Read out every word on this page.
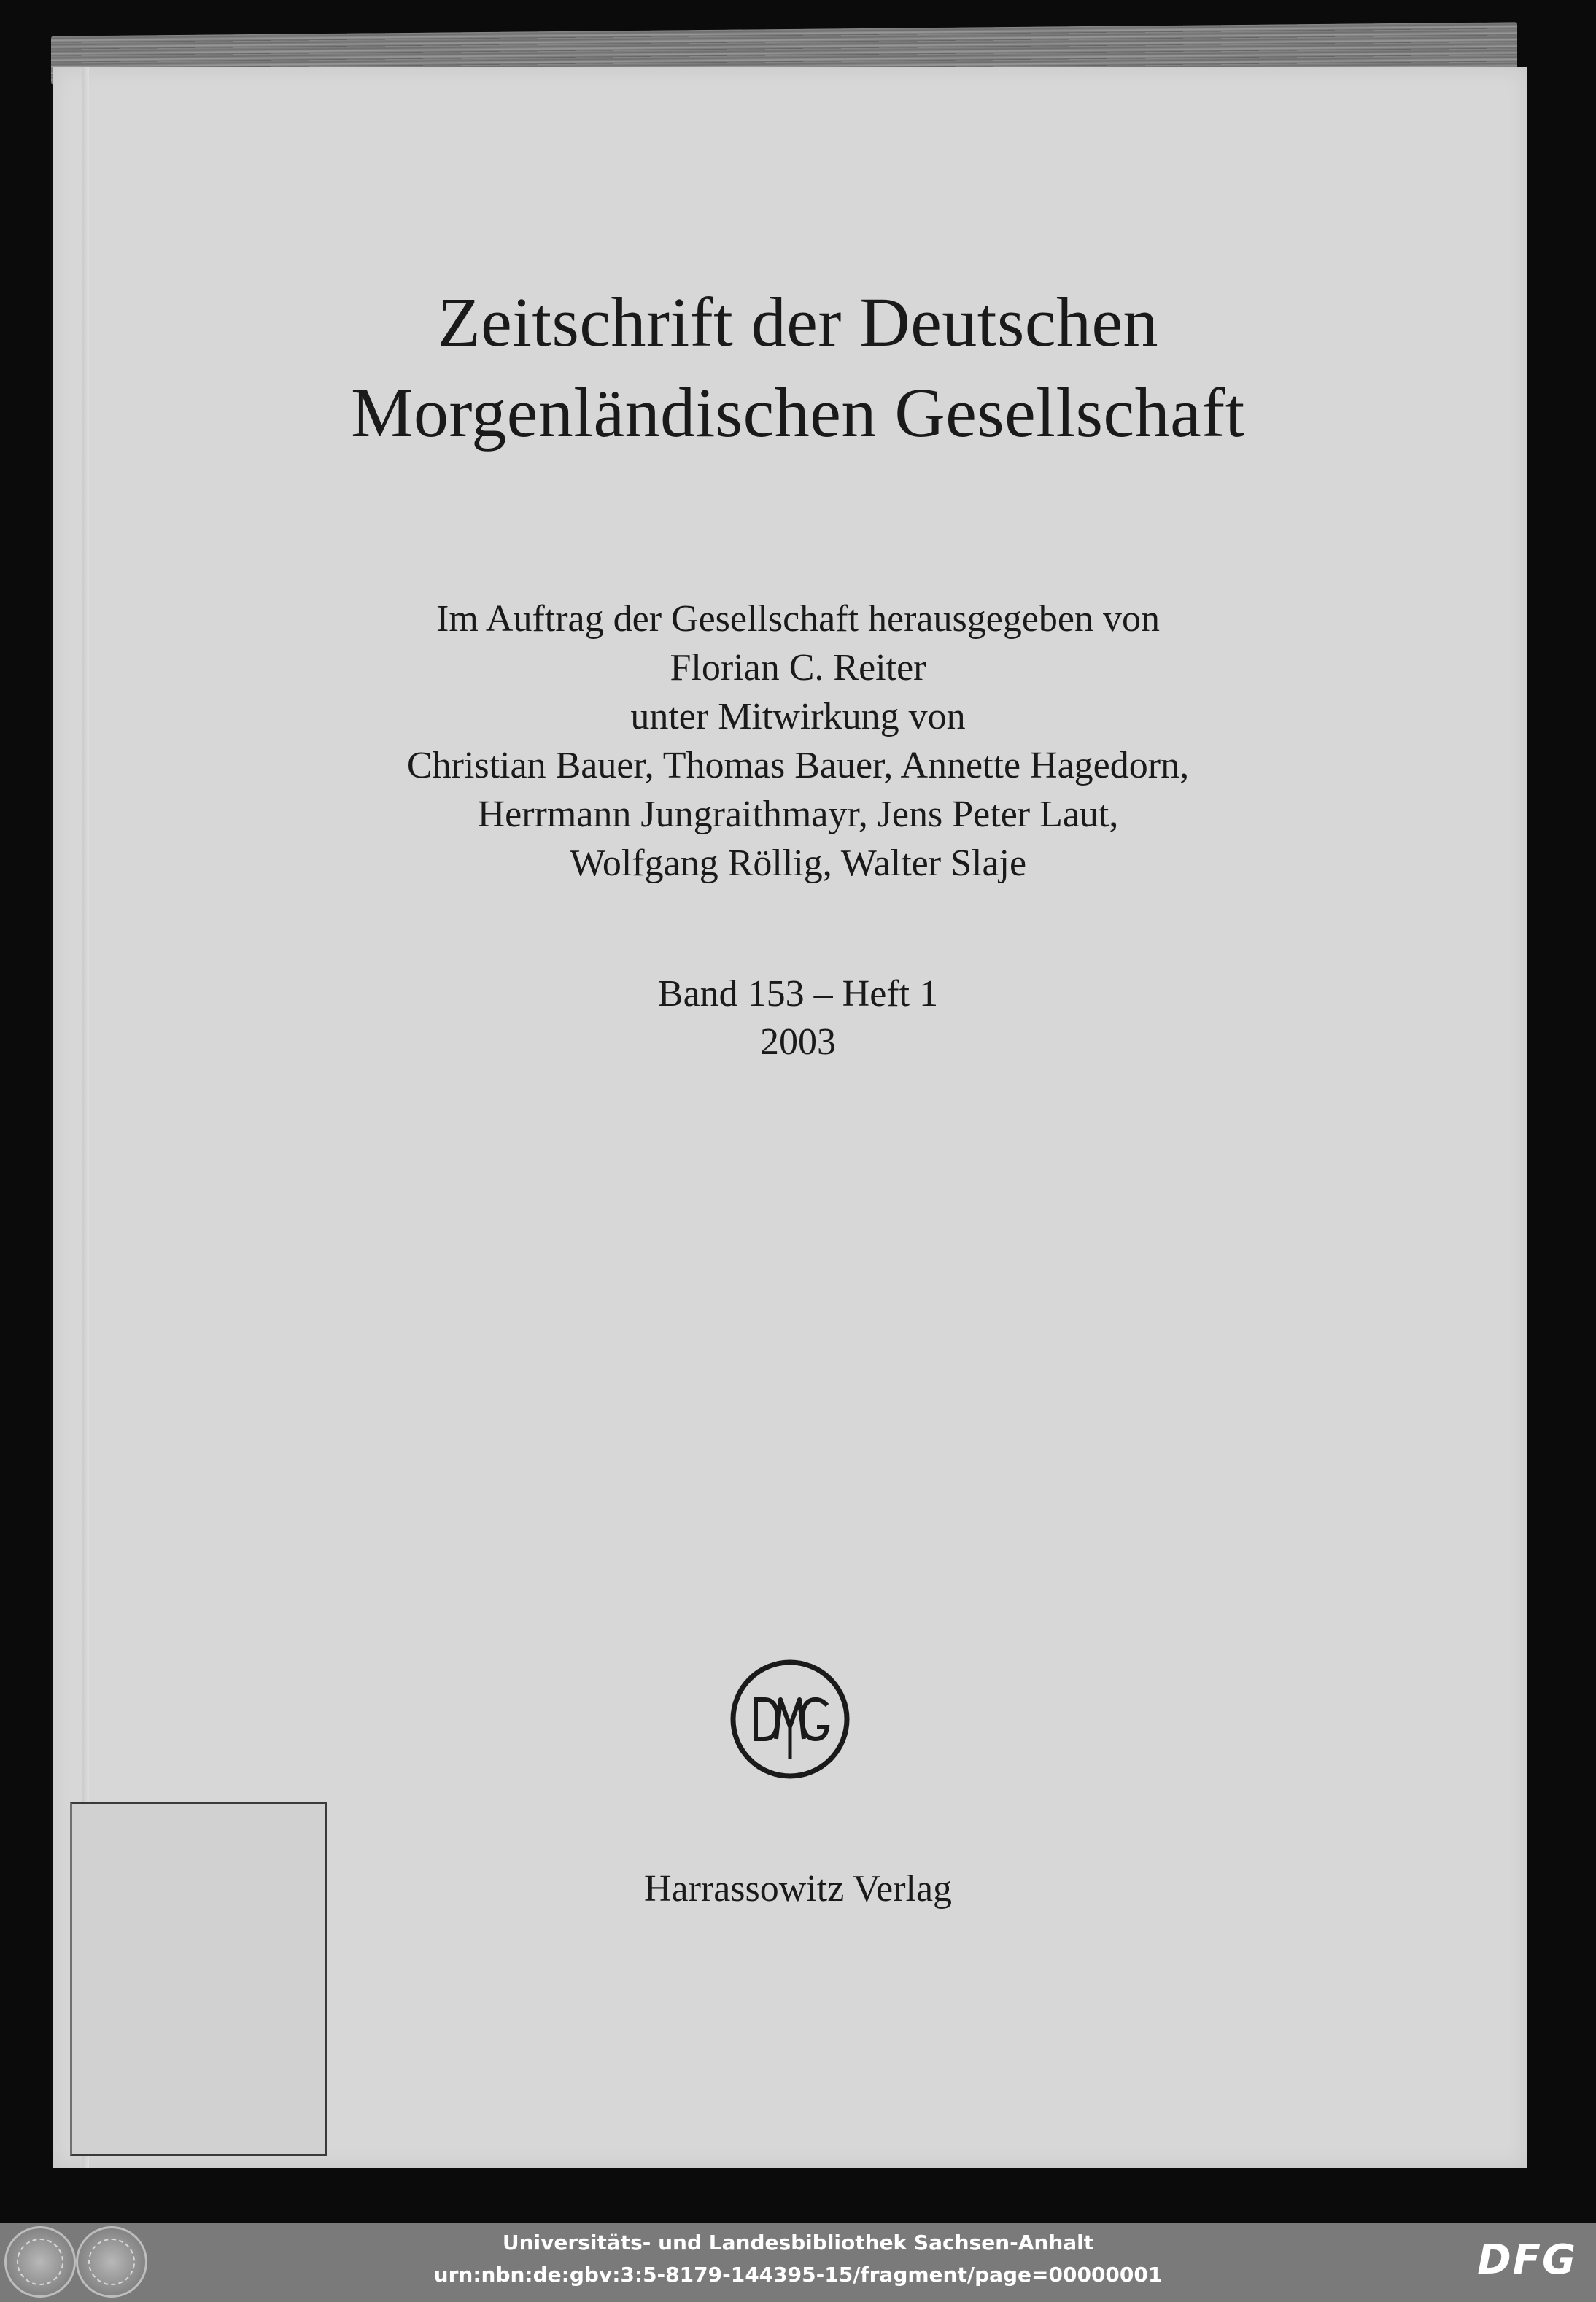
Zeitschrift der Deutschen
Morgenländischen Gesellschaft
Im Auftrag der Gesellschaft herausgegeben von
Florian C. Reiter
unter Mitwirkung von
Christian Bauer, Thomas Bauer, Annette Hagedorn,
Herrmann Jungraithmayr, Jens Peter Laut,
Wolfgang Röllig, Walter Slaje
Band 153 – Heft 1
2003
Harrassowitz Verlag
Universitäts- und Landesbibliothek Sachsen-Anhalt
urn:nbn:de:gbv:3:5-8179-144395-15/fragment/page=00000001	DFG
